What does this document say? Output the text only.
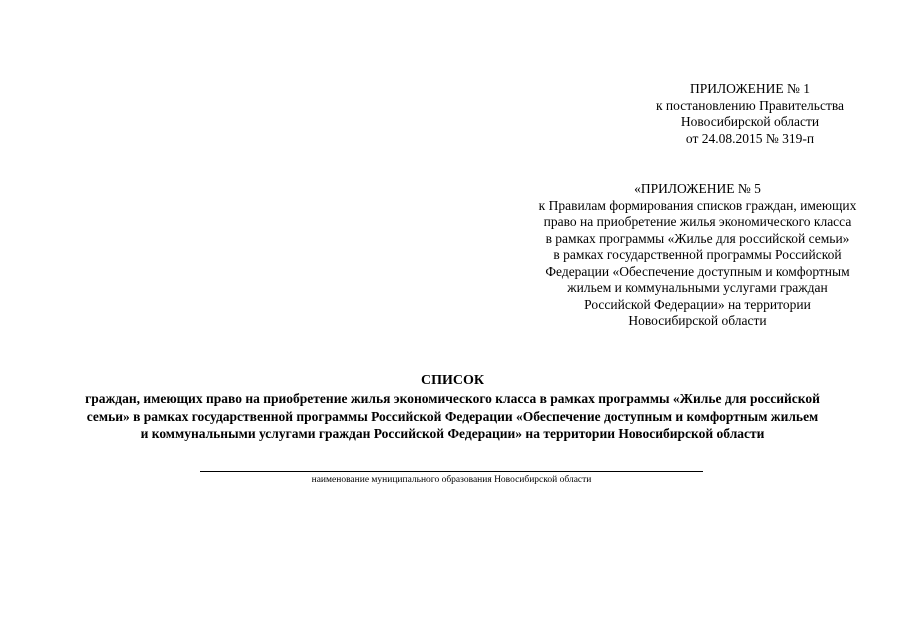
ПРИЛОЖЕНИЕ № 1
к постановлению Правительства
Новосибирской области
от 24.08.2015 № 319-п
«ПРИЛОЖЕНИЕ № 5
к Правилам формирования списков граждан, имеющих
право на приобретение жилья экономического класса
в рамках программы «Жилье для российской семьи»
в рамках государственной программы Российской
Федерации «Обеспечение доступным и комфортным
жильем и коммунальными услугами граждан
Российской Федерации» на территории
Новосибирской области
СПИСОК
граждан, имеющих право на приобретение жилья экономического класса в рамках программы «Жилье для российской
семьи» в рамках государственной программы Российской Федерации «Обеспечение доступным и комфортным жильем
и коммунальными услугами граждан Российской Федерации» на территории Новосибирской области
наименование муниципального образования Новосибирской области
